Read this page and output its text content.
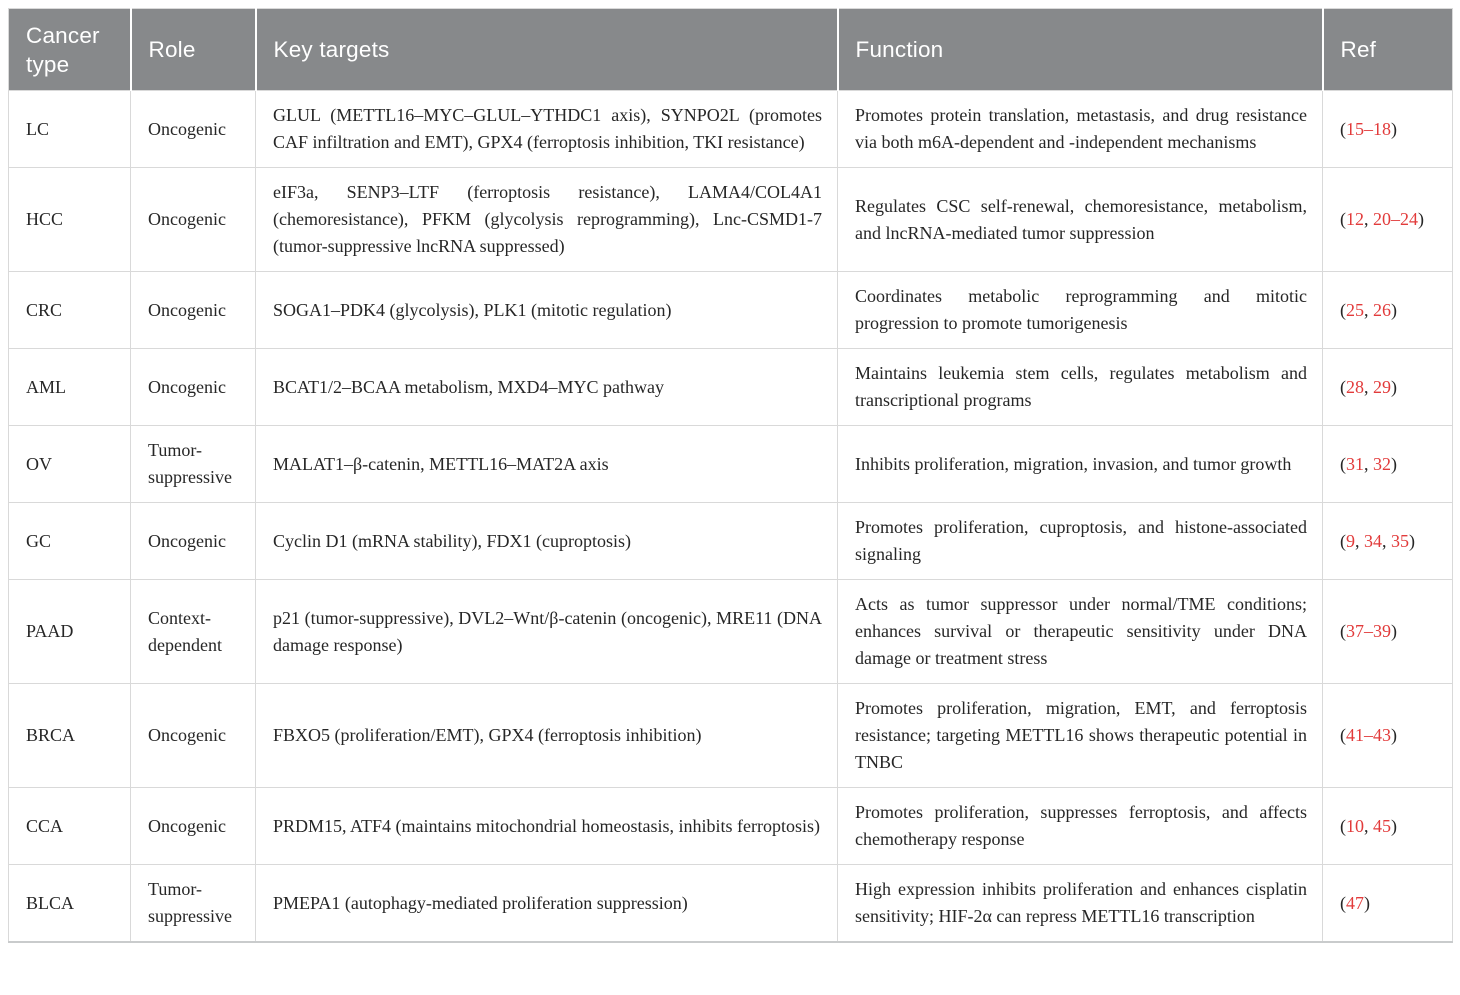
Cancer type	Role	Key targets	Function	Ref
LC	Oncogenic	GLUL (METTL16–MYC–GLUL–YTHDC1 axis), SYNPO2L (promotes CAF infiltration and EMT), GPX4 (ferroptosis inhibition, TKI resistance)	Promotes protein translation, metastasis, and drug resistance via both m6A-dependent and -independent mechanisms	(15–18)
HCC	Oncogenic	eIF3a, SENP3–LTF (ferroptosis resistance), LAMA4/COL4A1 (chemoresistance), PFKM (glycolysis reprogramming), Lnc-CSMD1-7 (tumor-suppressive lncRNA suppressed)	Regulates CSC self-renewal, chemoresistance, metabolism, and lncRNA-mediated tumor suppression	(12, 20–24)
CRC	Oncogenic	SOGA1–PDK4 (glycolysis), PLK1 (mitotic regulation)	Coordinates metabolic reprogramming and mitotic progression to promote tumorigenesis	(25, 26)
AML	Oncogenic	BCAT1/2–BCAA metabolism, MXD4–MYC pathway	Maintains leukemia stem cells, regulates metabolism and transcriptional programs	(28, 29)
OV	Tumor-suppressive	MALAT1–β-catenin, METTL16–MAT2A axis	Inhibits proliferation, migration, invasion, and tumor growth	(31, 32)
GC	Oncogenic	Cyclin D1 (mRNA stability), FDX1 (cuproptosis)	Promotes proliferation, cuproptosis, and histone-associated signaling	(9, 34, 35)
PAAD	Context-dependent	p21 (tumor-suppressive), DVL2–Wnt/β-catenin (oncogenic), MRE11 (DNA damage response)	Acts as tumor suppressor under normal/TME conditions; enhances survival or therapeutic sensitivity under DNA damage or treatment stress	(37–39)
BRCA	Oncogenic	FBXO5 (proliferation/EMT), GPX4 (ferroptosis inhibition)	Promotes proliferation, migration, EMT, and ferroptosis resistance; targeting METTL16 shows therapeutic potential in TNBC	(41–43)
CCA	Oncogenic	PRDM15, ATF4 (maintains mitochondrial homeostasis, inhibits ferroptosis)	Promotes proliferation, suppresses ferroptosis, and affects chemotherapy response	(10, 45)
BLCA	Tumor-suppressive	PMEPA1 (autophagy-mediated proliferation suppression)	High expression inhibits proliferation and enhances cisplatin sensitivity; HIF-2α can repress METTL16 transcription	(47)
